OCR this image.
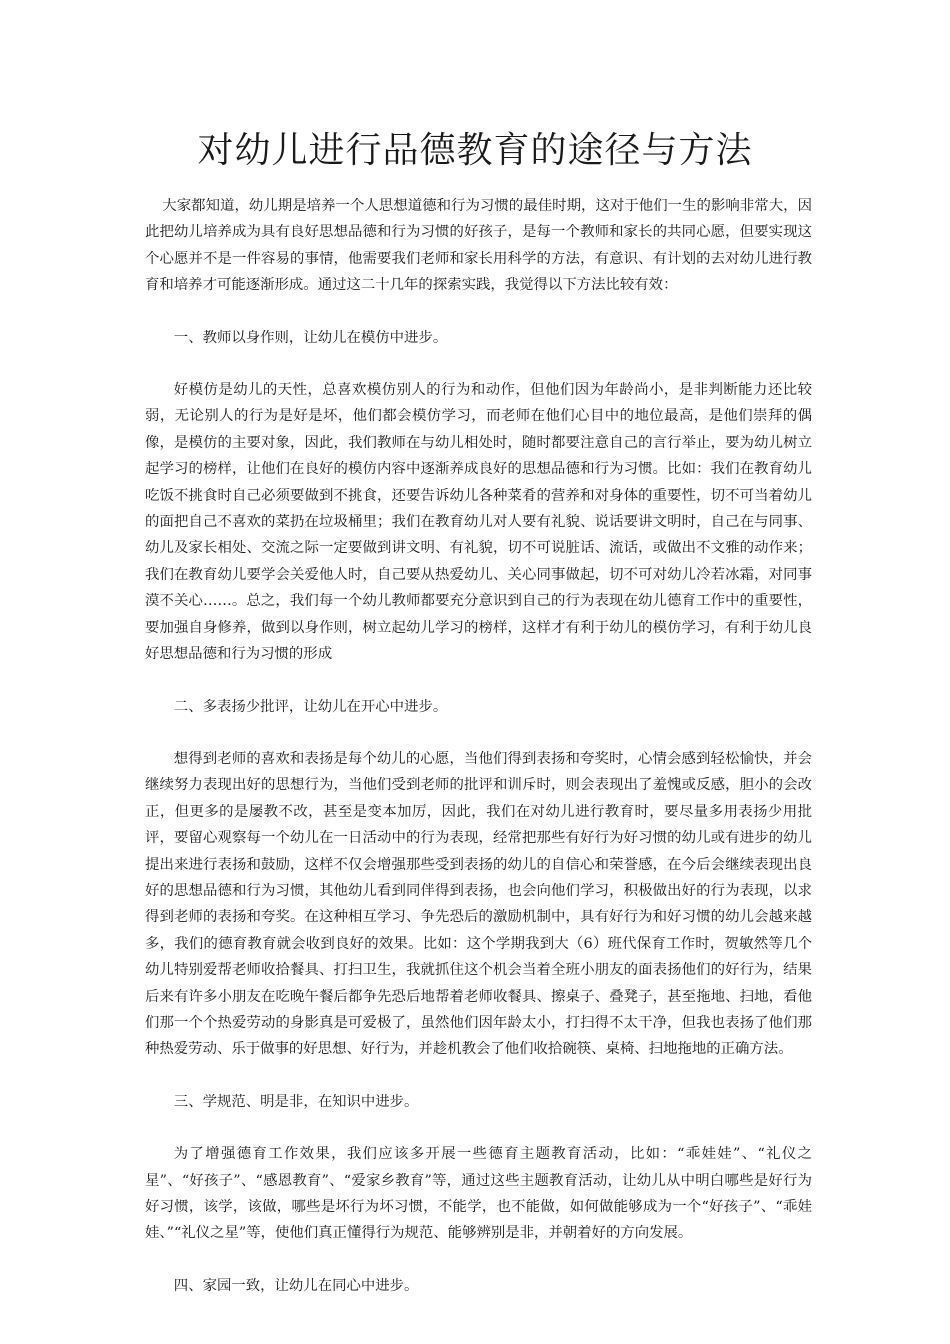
对幼儿进行品德教育的途径与方法

大家都知道，幼儿期是培养一个人思想道德和行为习惯的最佳时期，这对于他们一生的影响非常大，因此把幼儿培养成为具有良好思想品德和行为习惯的好孩子，是每一个教师和家长的共同心愿，但要实现这个心愿并不是一件容易的事情，他需要我们老师和家长用科学的方法，有意识、有计划的去对幼儿进行教育和培养才可能逐渐形成。通过这二十几年的探索实践，我觉得以下方法比较有效：

一、教师以身作则，让幼儿在模仿中进步。

好模仿是幼儿的天性，总喜欢模仿别人的行为和动作，但他们因为年龄尚小，是非判断能力还比较弱，无论别人的行为是好是坏，他们都会模仿学习，而老师在他们心目中的地位最高，是他们崇拜的偶像，是模仿的主要对象，因此，我们教师在与幼儿相处时，随时都要注意自己的言行举止，要为幼儿树立起学习的榜样，让他们在良好的模仿内容中逐渐养成良好的思想品德和行为习惯。比如：我们在教育幼儿吃饭不挑食时自己必须要做到不挑食，还要告诉幼儿各种菜肴的营养和对身体的重要性，切不可当着幼儿的面把自己不喜欢的菜扔在垃圾桶里；我们在教育幼儿对人要有礼貌、说话要讲文明时，自己在与同事、幼儿及家长相处、交流之际一定要做到讲文明、有礼貌，切不可说脏话、流话，或做出不文雅的动作来；我们在教育幼儿要学会关爱他人时，自己要从热爱幼儿、关心同事做起，切不可对幼儿冷若冰霜，对同事漠不关心……。总之，我们每一个幼儿教师都要充分意识到自己的行为表现在幼儿德育工作中的重要性，要加强自身修养，做到以身作则，树立起幼儿学习的榜样，这样才有利于幼儿的模仿学习，有利于幼儿良好思想品德和行为习惯的形成

二、多表扬少批评，让幼儿在开心中进步。

想得到老师的喜欢和表扬是每个幼儿的心愿，当他们得到表扬和夸奖时，心情会感到轻松愉快，并会继续努力表现出好的思想行为，当他们受到老师的批评和训斥时，则会表现出了羞愧或反感，胆小的会改正，但更多的是屡教不改，甚至是变本加厉，因此，我们在对幼儿进行教育时，要尽量多用表扬少用批评，要留心观察每一个幼儿在一日活动中的行为表现，经常把那些有好行为好习惯的幼儿或有进步的幼儿提出来进行表扬和鼓励，这样不仅会增强那些受到表扬的幼儿的自信心和荣誉感，在今后会继续表现出良好的思想品德和行为习惯，其他幼儿看到同伴得到表扬，也会向他们学习，积极做出好的行为表现，以求得到老师的表扬和夸奖。在这种相互学习、争先恐后的激励机制中，具有好行为和好习惯的幼儿会越来越多，我们的德育教育就会收到良好的效果。比如：这个学期我到大（6）班代保育工作时，贺敏然等几个幼儿特别爱帮老师收拾餐具、打扫卫生，我就抓住这个机会当着全班小朋友的面表扬他们的好行为，结果后来有许多小朋友在吃晚午餐后都争先恐后地帮着老师收餐具、擦桌子、叠凳子，甚至拖地、扫地，看他们那一个个热爱劳动的身影真是可爱极了，虽然他们因年龄太小，打扫得不太干净，但我也表扬了他们那种热爱劳动、乐于做事的好思想、好行为，并趁机教会了他们收拾碗筷、桌椅、扫地拖地的正确方法。

三、学规范、明是非，在知识中进步。

为了增强德育工作效果，我们应该多开展一些德育主题教育活动，比如：“乖娃娃”、“礼仪之星”、“好孩子”、“感恩教育”、“爱家乡教育”等，通过这些主题教育活动，让幼儿从中明白哪些是好行为好习惯，该学，该做，哪些是坏行为坏习惯，不能学，也不能做，如何做能够成为一个“好孩子”、“乖娃娃、”“礼仪之星”等，使他们真正懂得行为规范、能够辨别是非，并朝着好的方向发展。

四、家园一致，让幼儿在同心中进步。
